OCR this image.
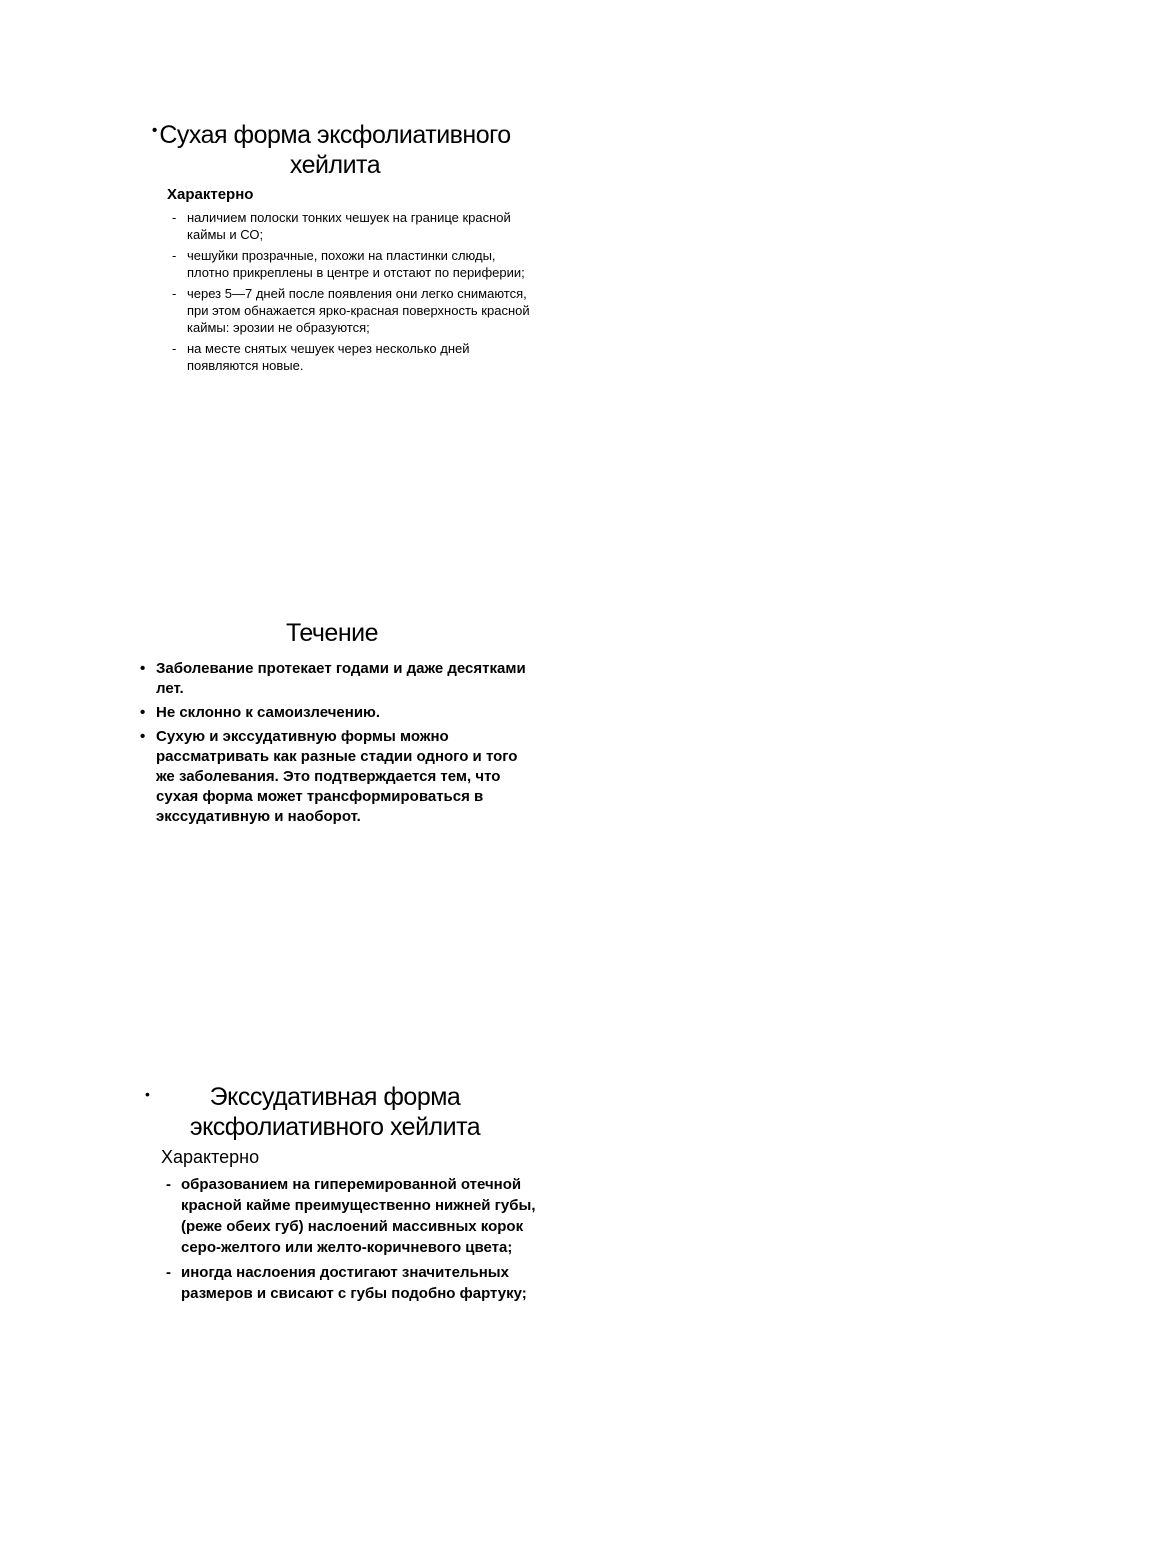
Сухая форма эксфолиативного хейлита
•
Характерно
- наличием полоски тонких чешуек на границе красной каймы и СО;
- чешуйки прозрачные, похожи на пластинки слюды, плотно прикреплены в центре и отстают по периферии;
- через 5—7 дней после появления они легко снимаются, при этом обнажается ярко-красная поверхность красной каймы: эрозии не образуются;
- на месте снятых чешуек через несколько дней появляются новые.
Течение
• Заболевание протекает годами и даже десятками лет.
• Не склонно к самоизлечению.
• Сухую и экссудативную формы можно рассматривать как разные стадии одного и того же заболевания. Это подтверждается тем, что сухая форма может трансформироваться в экссудативную и наоборот.
Экссудативная форма эксфолиативного хейлита
•
Характерно
- образованием на гиперемированной отечной красной кайме преимущественно нижней губы, (реже обеих губ) наслоений массивных корок серо-желтого или желто-коричневого цвета;
- иногда наслоения достигают значительных размеров и свисают с губы подобно фартуку;
